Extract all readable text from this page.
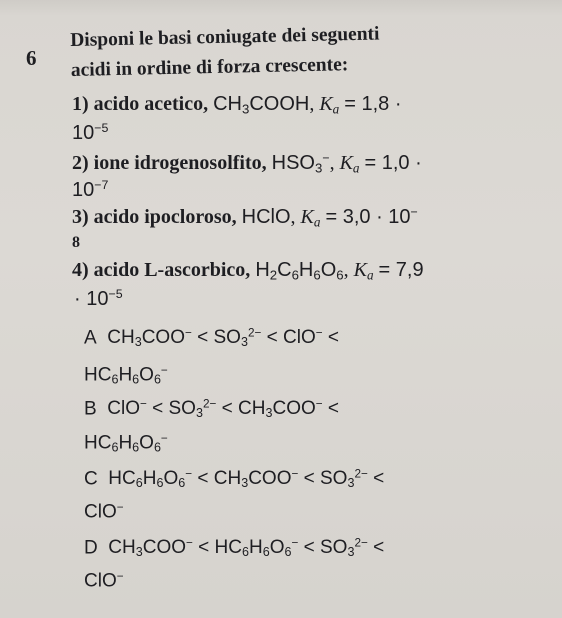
6
Disponi le basi coniugate dei seguenti
acidi in ordine di forza crescente:
1) acido acetico, $CH_3COOH$, $K_a = 1,8$ ·
$10^{-5}$
2) ione idrogenosolfito, $HSO_3^-$, $K_a = 1,0$ ·
$10^{-7}$
3) acido ipocloroso, HClO, $K_a = 3,0 \cdot 10^-$
8
4) acido L-ascorbico, $H_2C_6H_6O_6$, $K_a = 7,9$
· $10^{-5}$
A $CH_3COO^- < SO_3^{2-} < ClO^-$ <
$HC_6H_6O_6^-$
B $ClO^- < SO_3^{2-} < CH_3COO^-$ <
$HC_6H_6O_6^-$
C $HC_6H_6O_6^- < CH_3COO^- < SO_3^{2-}$ <
ClO−
D $CH_3COO^- < HC_6H_6O_6^- < SO_3^{2-}$ <
ClO−
